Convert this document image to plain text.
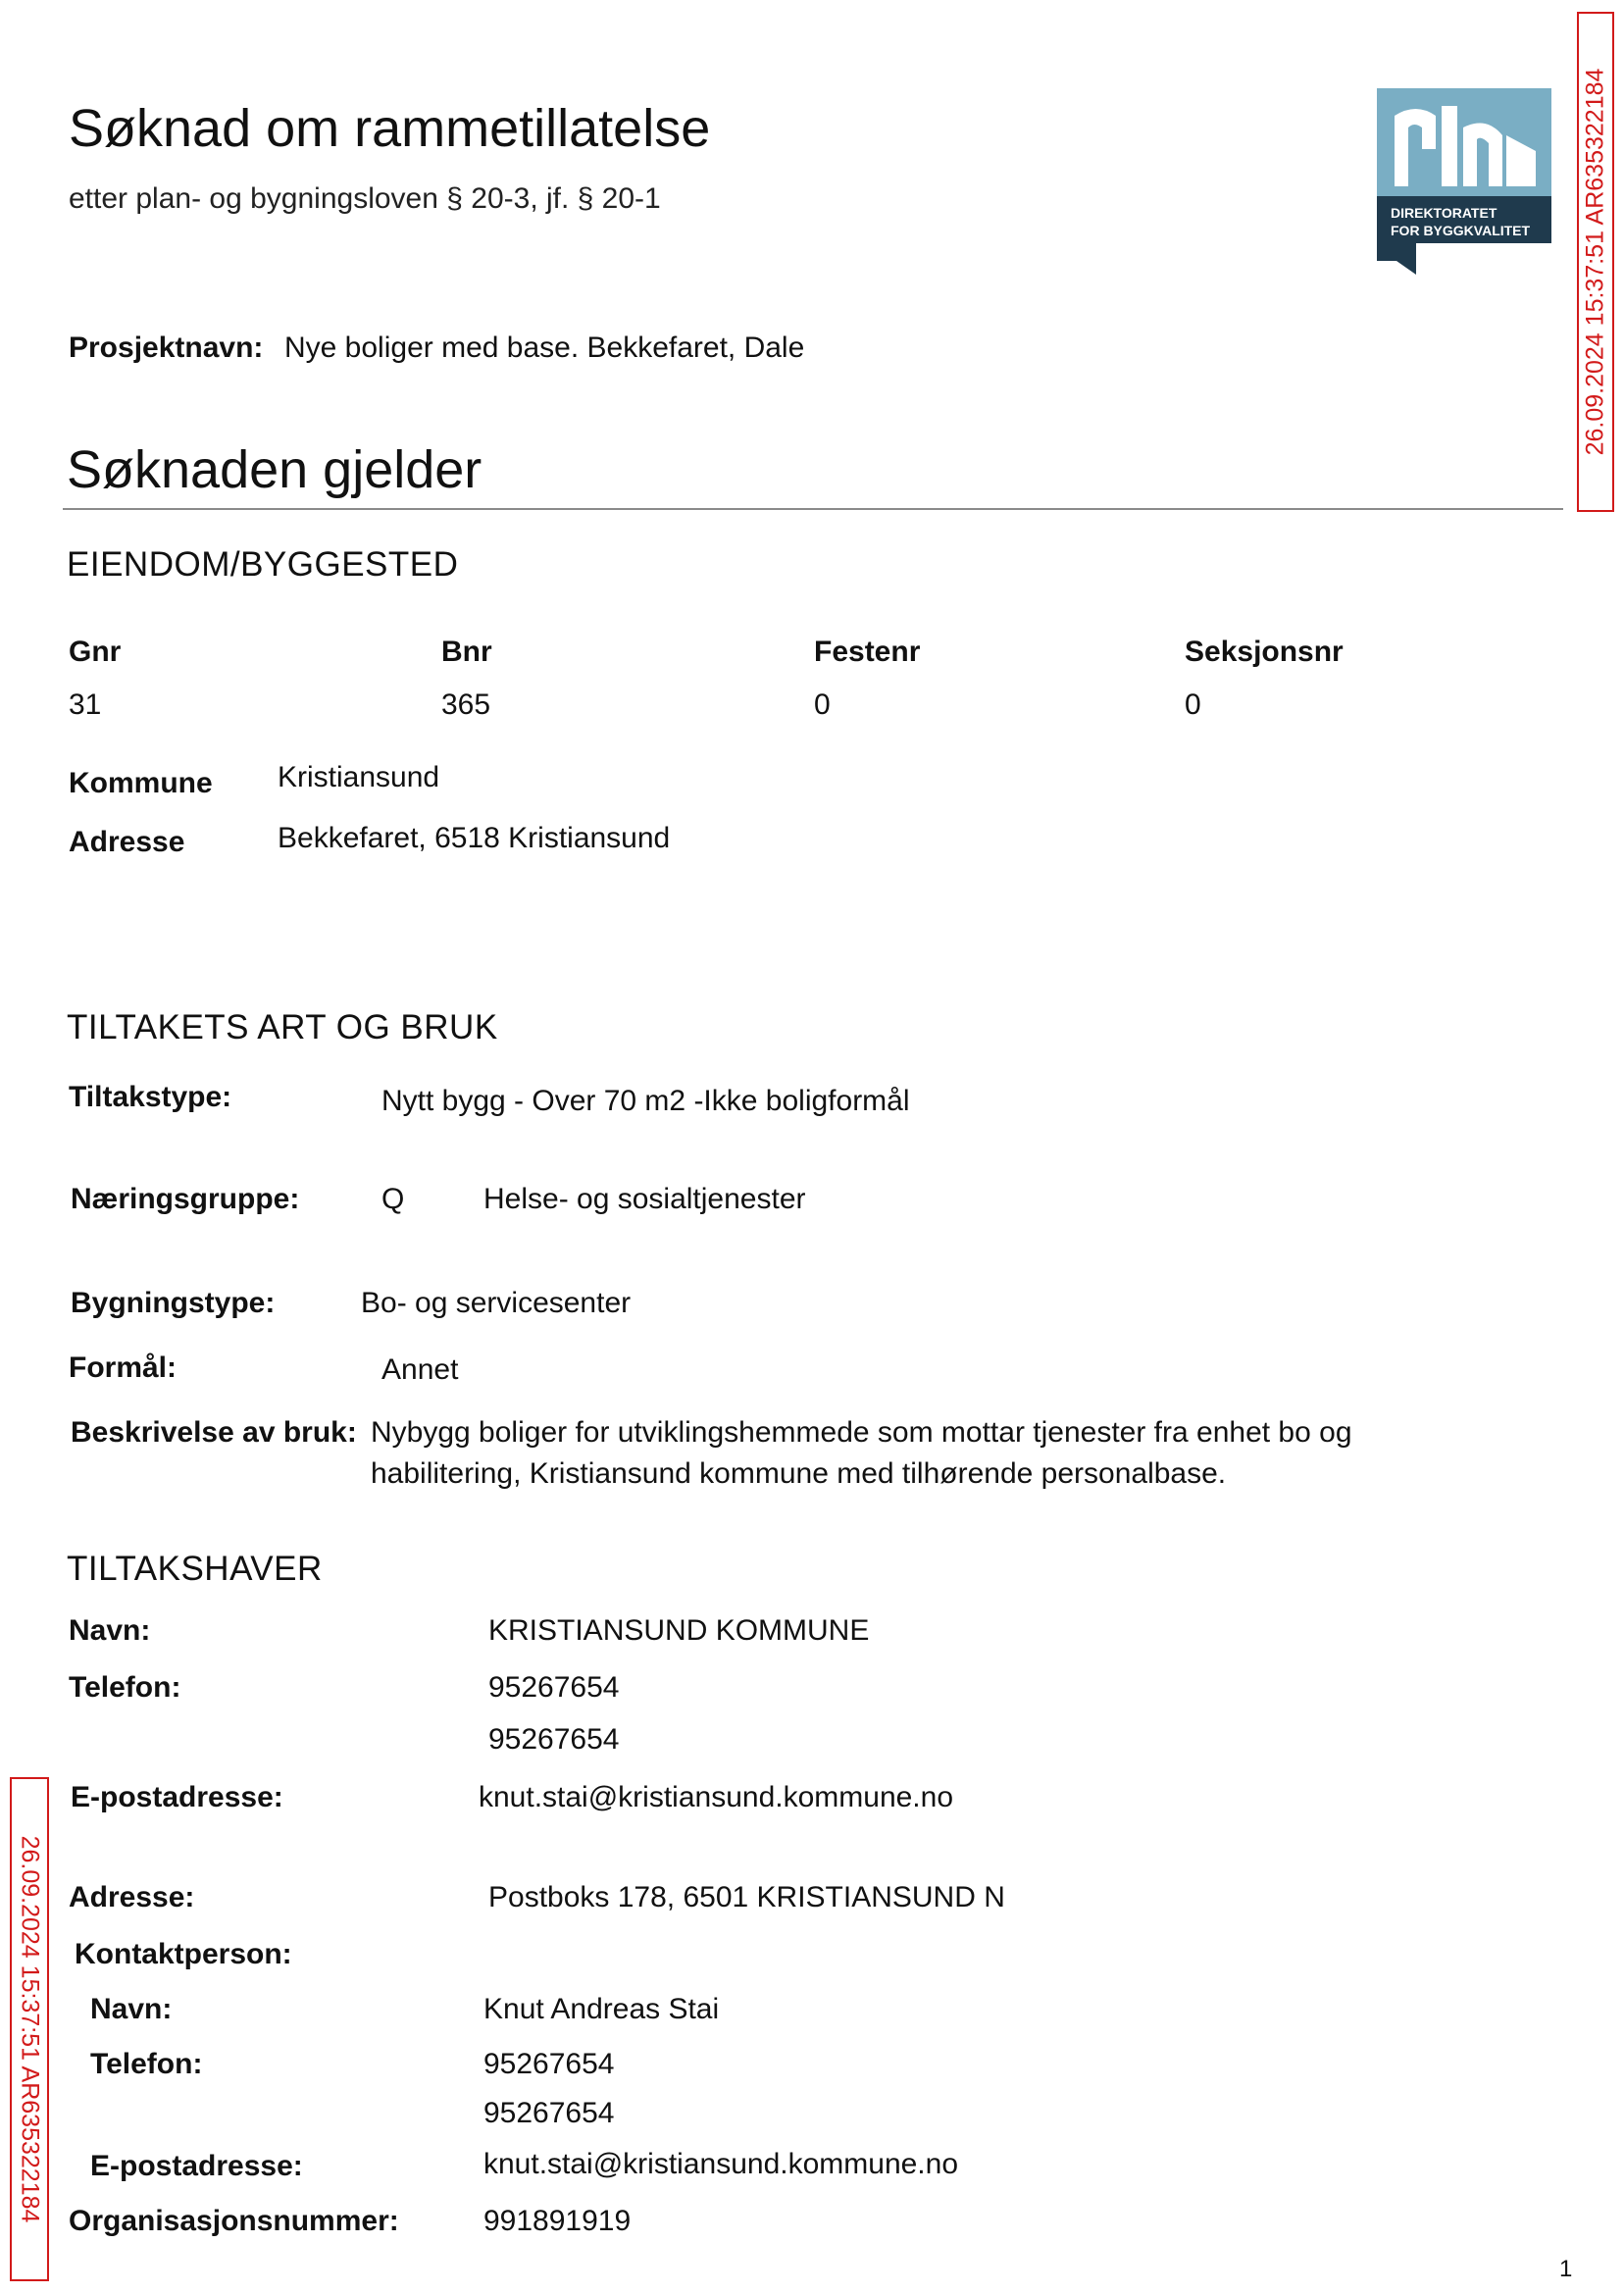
Søknad om rammetillatelse
etter plan- og bygningsloven § 20-3, jf. § 20-1	DIREKTORATET
FOR BYGGKVALITET 26.09.2024 15:37:51 AR635322184
Prosjektnavn: Nye boliger med base. Bekkefaret, Dale
Søknaden gjelder
EIENDOM/BYGGESTED
Gnr	Bnr	Festenr	Seksjonsnr
31	365	0	0
Kommune Kristiansund
Adresse	Bekkefaret, 6518 Kristiansund
TILTAKETS ART OG BRUK
Tiltakstype:	Nytt bygg - Over 70 m2 -Ikke boligformål
Næringsgruppe:	Q	Helse- og sosialtjenester
Bygningstype:	Bo- og servicesenter
Formål:	Annet
Beskrivelse av bruk: Nybygg boliger for utviklingshemmede som mottar tjenester fra enhet bo og
habilitering, Kristiansund kommune med tilhørende personalbase.
TILTAKSHAVER
Navn:	KRISTIANSUND KOMMUNE
Telefon:	95267654
95267654
E-postadresse:	knut.stai@kristiansund.kommune.no
Adresse:	Postboks 178, 6501 KRISTIANSUND N
Kontaktperson:
Navn:	Knut Andreas Stai
Telefon:	95267654
95267654
E-postadresse:	knut.stai@kristiansund.kommune.no
Organisasjonsnummer:	991891919
26.09.2024 15:37:51 AR635322184
1
